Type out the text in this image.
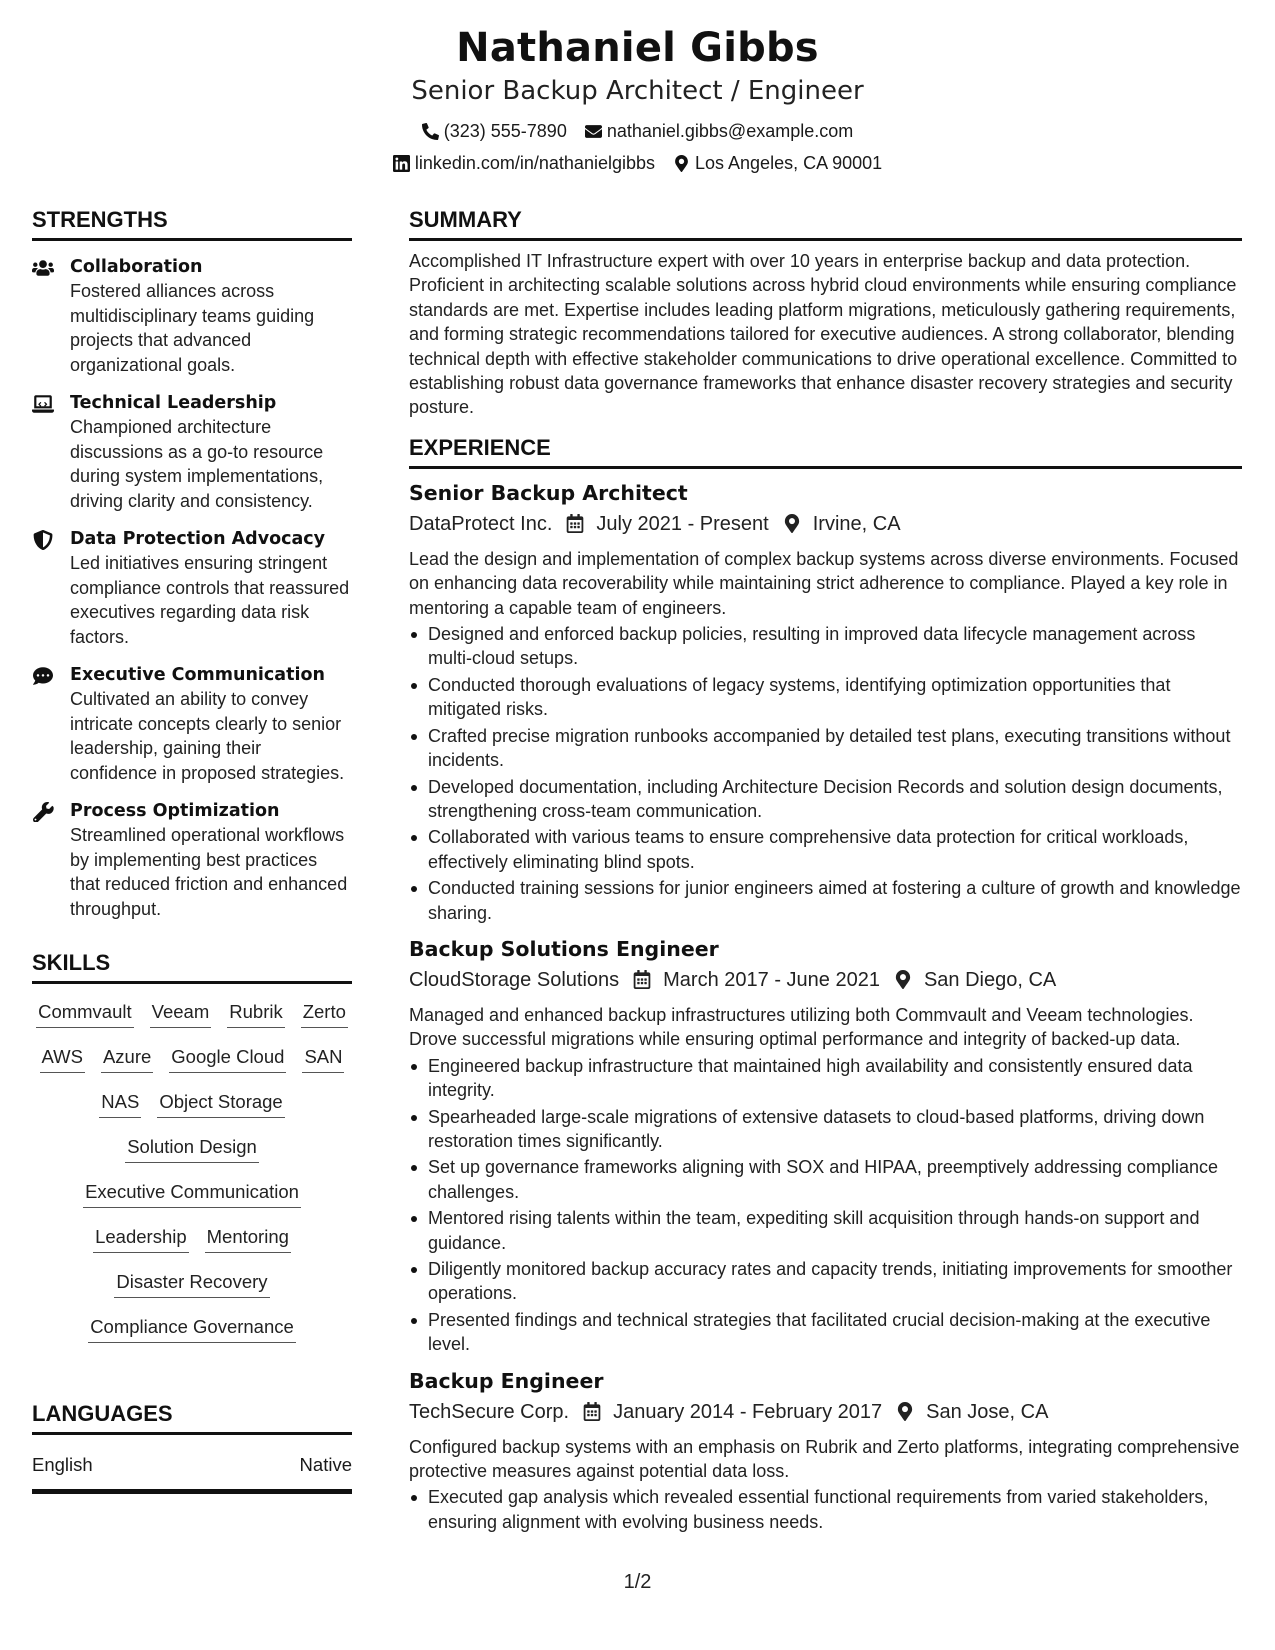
Nathaniel Gibbs
Senior Backup Architect / Engineer
(323) 555-7890 nathaniel.gibbs@example.com
linkedin.com/in/nathanielgibbs Los Angeles, CA 90001
STRENGTHS
Collaboration
Fostered alliances across multidisciplinary teams guiding projects that advanced organizational goals.
Technical Leadership
Championed architecture discussions as a go-to resource during system implementations, driving clarity and consistency.
Data Protection Advocacy
Led initiatives ensuring stringent compliance controls that reassured executives regarding data risk factors.
Executive Communication
Cultivated an ability to convey intricate concepts clearly to senior leadership, gaining their confidence in proposed strategies.
Process Optimization
Streamlined operational workflows by implementing best practices that reduced friction and enhanced throughput.
SKILLS
Commvault Veeam Rubrik Zerto
AWS Azure Google Cloud SAN
NAS Object Storage
Solution Design
Executive Communication
Leadership Mentoring
Disaster Recovery
Compliance Governance
LANGUAGES
English	Native
SUMMARY
Accomplished IT Infrastructure expert with over 10 years in enterprise backup and data protection. Proficient in architecting scalable solutions across hybrid cloud environments while ensuring compliance standards are met. Expertise includes leading platform migrations, meticulously gathering requirements, and forming strategic recommendations tailored for executive audiences. A strong collaborator, blending technical depth with effective stakeholder communications to drive operational excellence. Committed to establishing robust data governance frameworks that enhance disaster recovery strategies and security posture.
EXPERIENCE
Senior Backup Architect
DataProtect Inc. July 2021 - Present Irvine, CA
Lead the design and implementation of complex backup systems across diverse environments. Focused on enhancing data recoverability while maintaining strict adherence to compliance. Played a key role in mentoring a capable team of engineers.
Designed and enforced backup policies, resulting in improved data lifecycle management across multi-cloud setups.
Conducted thorough evaluations of legacy systems, identifying optimization opportunities that mitigated risks.
Crafted precise migration runbooks accompanied by detailed test plans, executing transitions without incidents.
Developed documentation, including Architecture Decision Records and solution design documents, strengthening cross-team communication.
Collaborated with various teams to ensure comprehensive data protection for critical workloads, effectively eliminating blind spots.
Conducted training sessions for junior engineers aimed at fostering a culture of growth and knowledge sharing.
Backup Solutions Engineer
CloudStorage Solutions March 2017 - June 2021 San Diego, CA
Managed and enhanced backup infrastructures utilizing both Commvault and Veeam technologies. Drove successful migrations while ensuring optimal performance and integrity of backed-up data.
Engineered backup infrastructure that maintained high availability and consistently ensured data integrity.
Spearheaded large-scale migrations of extensive datasets to cloud-based platforms, driving down restoration times significantly.
Set up governance frameworks aligning with SOX and HIPAA, preemptively addressing compliance challenges.
Mentored rising talents within the team, expediting skill acquisition through hands-on support and guidance.
Diligently monitored backup accuracy rates and capacity trends, initiating improvements for smoother operations.
Presented findings and technical strategies that facilitated crucial decision-making at the executive level.
Backup Engineer
TechSecure Corp. January 2014 - February 2017 San Jose, CA
Configured backup systems with an emphasis on Rubrik and Zerto platforms, integrating comprehensive protective measures against potential data loss.
Executed gap analysis which revealed essential functional requirements from varied stakeholders, ensuring alignment with evolving business needs.
1/2
